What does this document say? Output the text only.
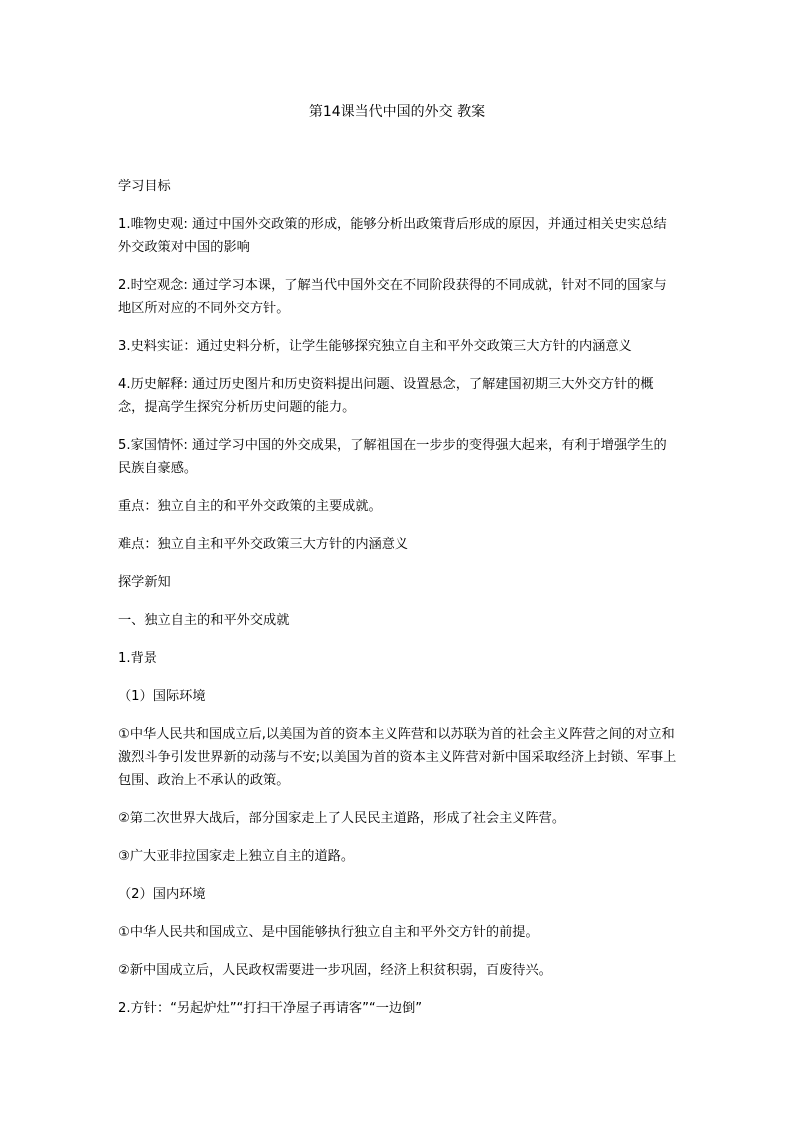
第14课当代中国的外交 教案

学习目标

1.唯物史观: 通过中国外交政策的形成，能够分析出政策背后形成的原因，并通过相关史实总结外交政策对中国的影响

2.时空观念: 通过学习本课，了解当代中国外交在不同阶段获得的不同成就，针对不同的国家与地区所对应的不同外交方针。

3.史料实证：通过史料分析，让学生能够探究独立自主和平外交政策三大方针的内涵意义

4.历史解释: 通过历史图片和历史资料提出问题、设置悬念，了解建国初期三大外交方针的概念，提高学生探究分析历史问题的能力。

5.家国情怀: 通过学习中国的外交成果，了解祖国在一步步的变得强大起来，有利于增强学生的民族自豪感。

重点：独立自主的和平外交政策的主要成就。

难点：独立自主和平外交政策三大方针的内涵意义

探学新知

一、独立自主的和平外交成就

1.背景

（1）国际环境

①中华人民共和国成立后,以美国为首的资本主义阵营和以苏联为首的社会主义阵营之间的对立和激烈斗争引发世界新的动荡与不安;以美国为首的资本主义阵营对新中国采取经济上封锁、军事上包围、政治上不承认的政策。

②第二次世界大战后，部分国家走上了人民民主道路，形成了社会主义阵营。

③广大亚非拉国家走上独立自主的道路。

（2）国内环境

①中华人民共和国成立、是中国能够执行独立自主和平外交方针的前提。

②新中国成立后，人民政权需要进一步巩固，经济上积贫积弱，百废待兴。

2.方针：“另起炉灶”“打扫干净屋子再请客”“一边倒”
